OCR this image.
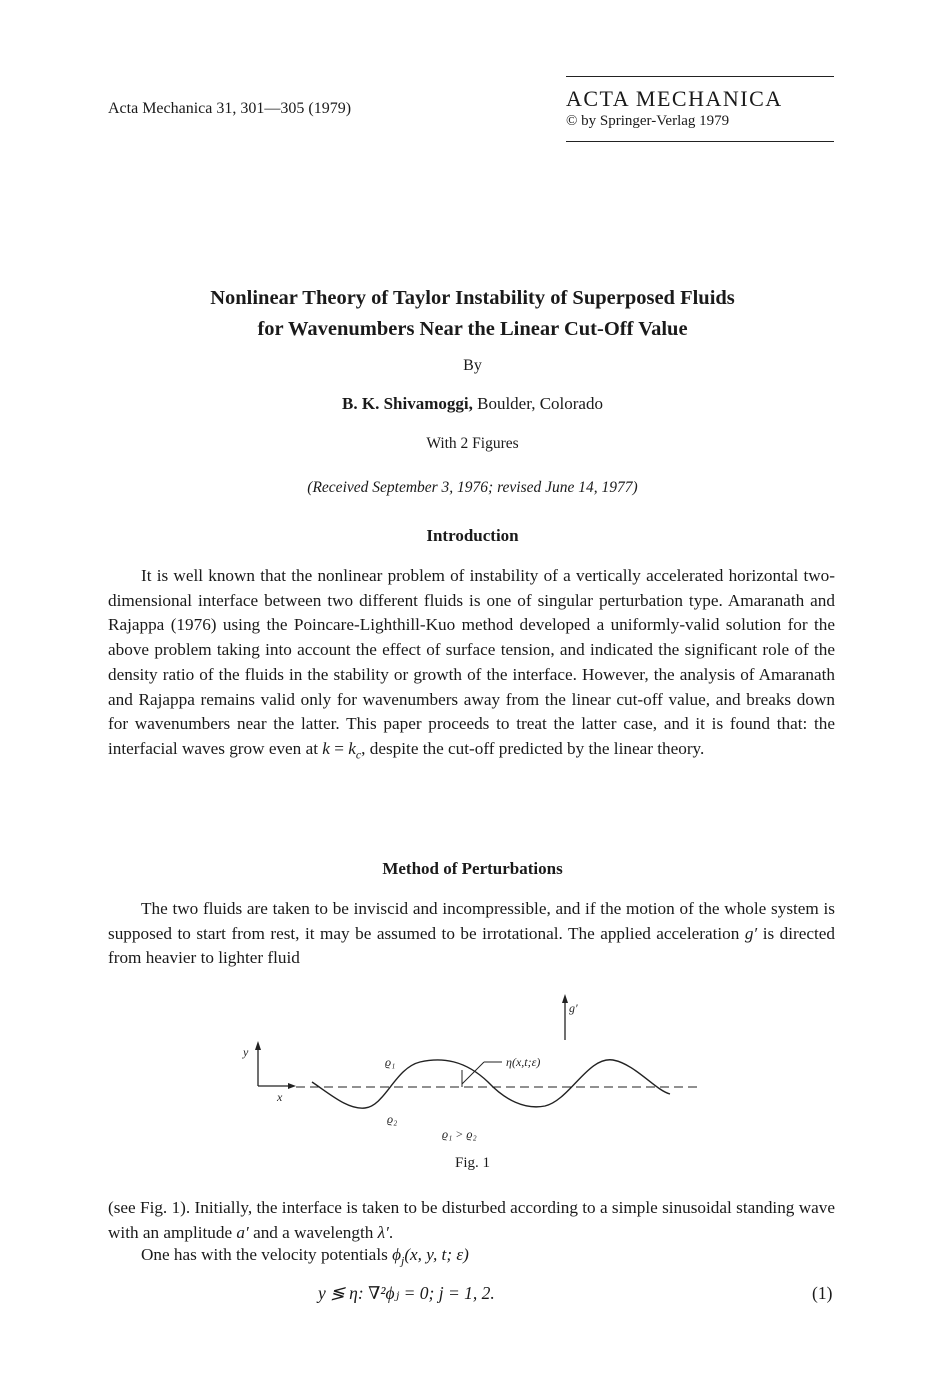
Acta Mechanica 31, 301—305 (1979)	ACTA MECHANICA
© by Springer-Verlag 1979
Nonlinear Theory of Taylor Instability of Superposed Fluids
for Wavenumbers Near the Linear Cut-Off Value
By
B. K. Shivamoggi, Boulder, Colorado
With 2 Figures
(Received September 3, 1976; revised June 14, 1977)
Introduction
It is well known that the nonlinear problem of instability of a vertically accelerated horizontal two-dimensional interface between two different fluids is one of singular perturbation type. Amaranath and Rajappa (1976) using the Poincare-Lighthill-Kuo method developed a uniformly-valid solution for the above problem taking into account the effect of surface tension, and indicated the significant role of the density ratio of the fluids in the stability or growth of the interface. However, the analysis of Amaranath and Rajappa remains valid only for wavenumbers away from the linear cut-off value, and breaks down for wavenumbers near the latter. This paper proceeds to treat the latter case, and it is found that: the interfacial waves grow even at $k = k_c$, despite the cut-off predicted by the linear theory.
Method of Perturbations
The two fluids are taken to be inviscid and incompressible, and if the motion of the whole system is supposed to start from rest, it may be assumed to be irrotational. The applied acceleration g′ is directed from heavier to lighter fluid
g′
y
x
η(x,t;ε)
ϱ₁
ϱ₂
ϱ₁ > ϱ₂
Fig. 1
(see Fig. 1). Initially, the interface is taken to be disturbed according to a simple sinusoidal standing wave with an amplitude a′ and a wavelength λ′.
One has with the velocity potentials $\phi_j(x$, y, t; ε)
y ≶ η: ∇²ϕⱼ = 0; j = 1, 2.	(1)
